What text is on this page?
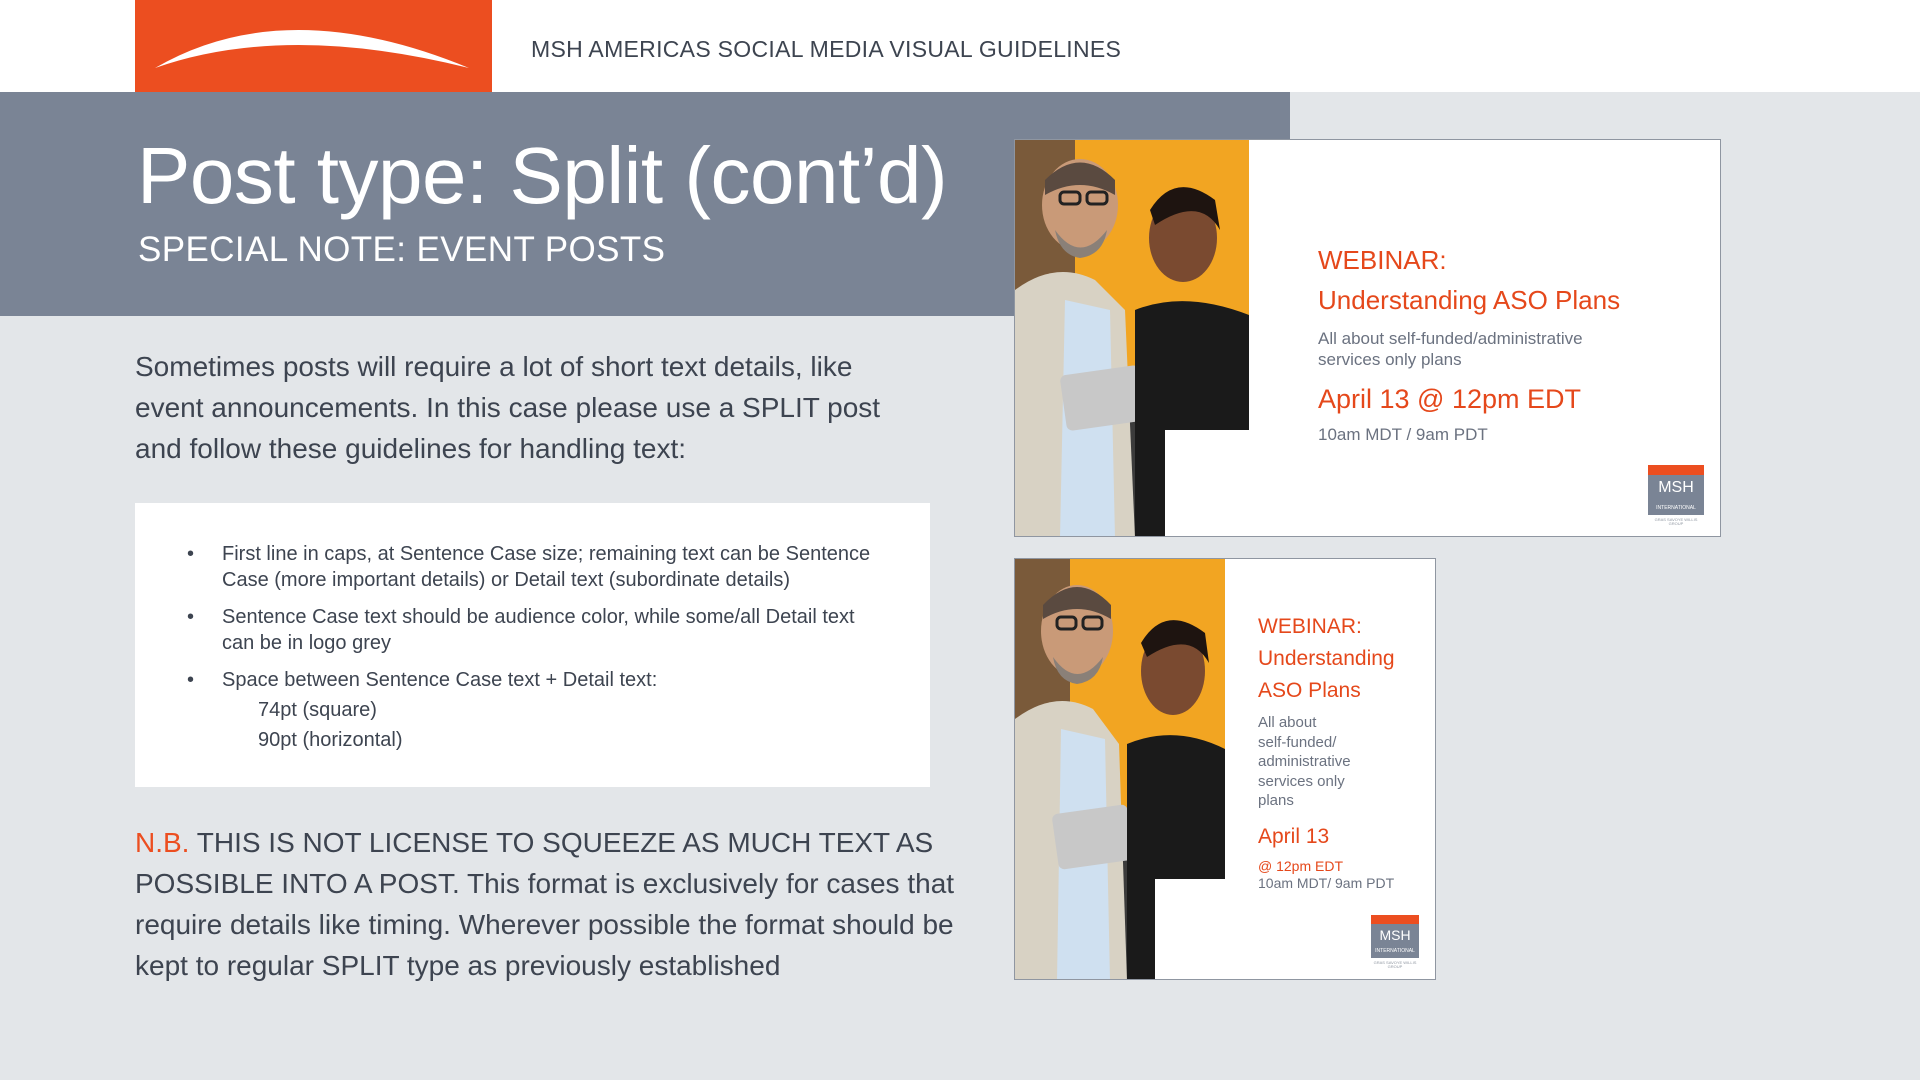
MSH AMERICAS SOCIAL MEDIA VISUAL GUIDELINES
Post type: Split (cont’d)
SPECIAL NOTE: EVENT POSTS
Sometimes posts will require a lot of short text details, like event announcements. In this case please use a SPLIT post and follow these guidelines for handling text:
• First line in caps, at Sentence Case size; remaining text can be Sentence Case (more important details) or Detail text (subordinate details)
• Sentence Case text should be audience color, while some/all Detail text can be in logo grey
• Space between Sentence Case text + Detail text:
74pt (square)
90pt (horizontal)
N.B. THIS IS NOT LICENSE TO SQUEEZE AS MUCH TEXT AS POSSIBLE INTO A POST. This format is exclusively for cases that require details like timing. Wherever possible the format should be kept to regular SPLIT type as previously established
WEBINAR:
Understanding ASO Plans
All about self-funded/administrative services only plans
April 13 @ 12pm EDT
10am MDT / 9am PDT
MSH
INTERNATIONAL
GRAS SAVOYE WILLIS GROUP
WEBINAR:
Understanding
ASO Plans
All about
self-funded/
administrative
services only
plans
April 13
@ 12pm EDT
10am MDT/ 9am PDT
MSH
INTERNATIONAL
GRAS SAVOYE WILLIS GROUP
